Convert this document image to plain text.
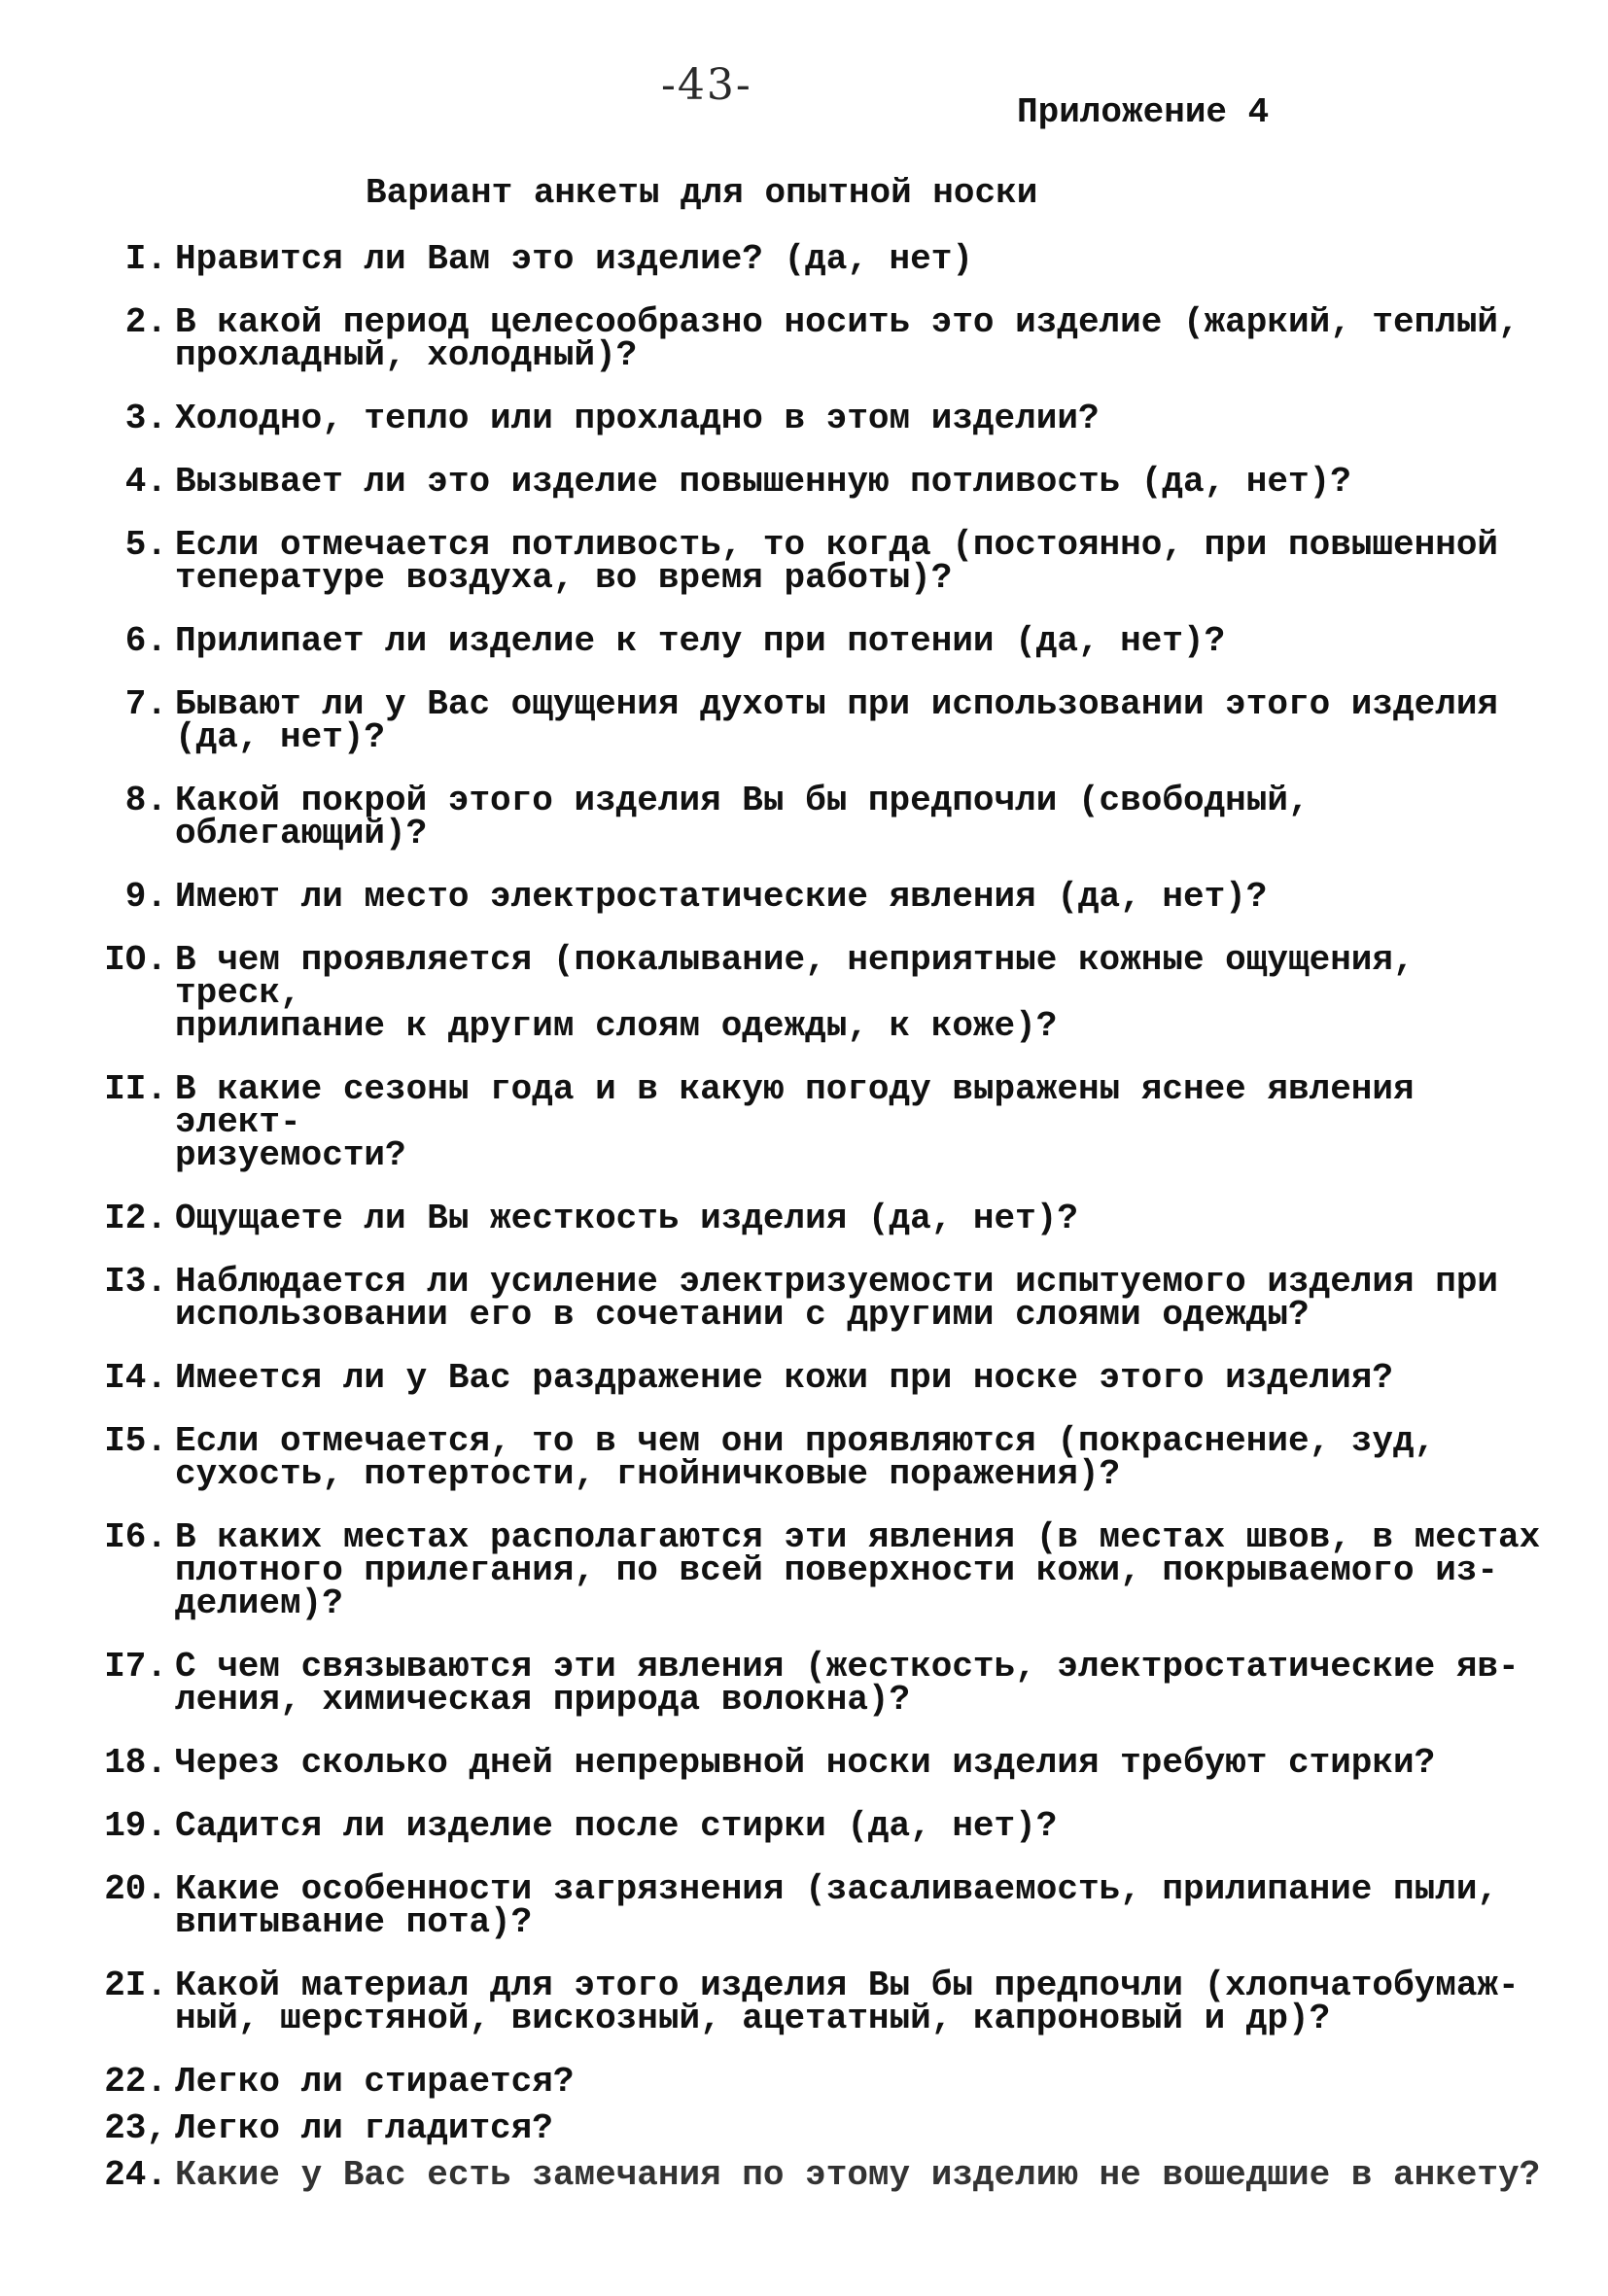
-43-
Приложение 4
Вариант анкеты для опытной носки
I. Нравится ли Вам это изделие? (да, нет)
2. В какой период целесообразно носить это изделие (жаркий, теплый,
прохладный, холодный)?
3. Холодно, тепло или прохладно в этом изделии?
4. Вызывает ли это изделие повышенную потливость (да, нет)?
5. Если отмечается потливость, то когда (постоянно, при повышенной
тепературе воздуха, во время работы)?
6. Прилипает ли изделие к телу при потении (да, нет)?
7. Бывают ли у Вас ощущения духоты при использовании этого изделия
(да, нет)?
8. Какой покрой этого изделия Вы бы предпочли (свободный, облегающий)?
9. Имеют ли место электростатические явления (да, нет)?
IO. В чем проявляется (покалывание, неприятные кожные ощущения, треск,
прилипание к другим слоям одежды, к коже)?
II. В какие сезоны года и в какую погоду выражены яснее явления элект-
ризуемости?
I2. Ощущаете ли Вы жесткость изделия (да, нет)?
I3. Наблюдается ли усиление электризуемости испытуемого изделия при
использовании его в сочетании с другими слоями одежды?
I4. Имеется ли у Вас раздражение кожи при носке этого изделия?
I5. Если отмечается, то в чем они проявляются (покраснение, зуд,
сухость, потертости, гнойничковые поражения)?
I6. В каких местах располагаются эти явления (в местах швов, в местах
плотного прилегания, по всей поверхности кожи, покрываемого из-
делием)?
I7. С чем связываются эти явления (жесткость, электростатические яв-
ления, химическая природа волокна)?
18. Через сколько дней непрерывной носки изделия требуют стирки?
19. Садится ли изделие после стирки (да, нет)?
20. Какие особенности загрязнения (засаливаемость, прилипание пыли,
впитывание пота)?
2I. Какой материал для этого изделия Вы бы предпочли (хлопчатобумаж-
ный, шерстяной, вискозный, ацетатный, капроновый и др)?
22. Легко ли стирается?
23, Легко ли гладится?
24. Какие у Вас есть замечания по этому изделию не вошедшие в анкету?
